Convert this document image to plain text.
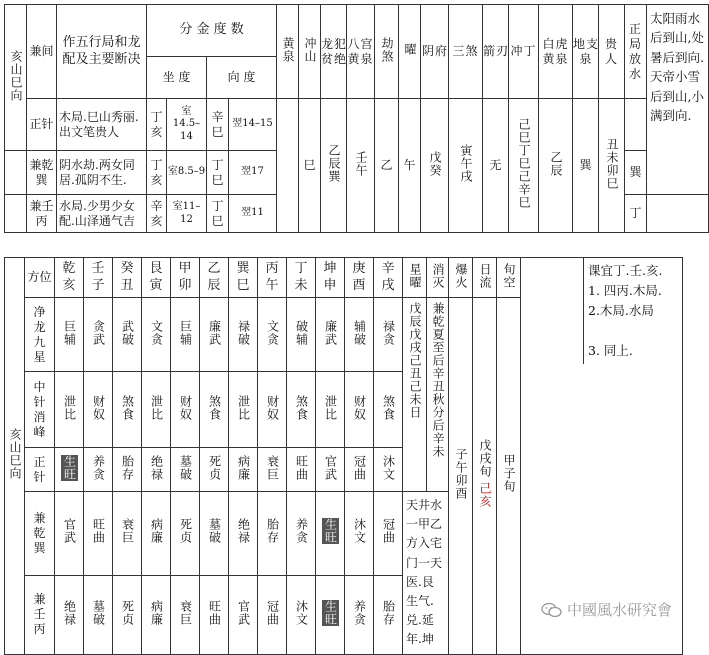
亥山巳向	兼间	作五行局和龙配及主要断决	分 金 度 数				黄泉	冲山	龙犯贫绝	八宫黄泉	劫煞	曜	阴府	三煞	箭刃	冲丁	白虎黄泉	地支泉	贵人	正局放水	太阳雨水后到山,处暑后到向.天帝小雪后到山,小满到向.
			坐 度		向 度																
	正针	木局.巳山秀丽.出文笔贵人	丁亥	室 14.5–14	辛巳	翌14–15		巳	乙辰巽	壬午	乙	午	戊癸	寅午戌	无	己巳丁巳己辛巳	乙辰	巽	丑未卯巳		
	兼乾巽	阴水劫.两女同居.孤阴不生.	丁亥	室8.5–9	丁巳	翌17														巽	
	兼壬丙	水局.少男少女配.山泽通气吉	辛亥	室11–12	丁巳	翌11														丁	
亥山巳向	方位	乾亥	壬子	癸丑	艮寅	甲卯	乙辰	巽巳	丙午	丁未	坤申	庚酉	辛戌	星曜	消灭	爆火	日流	旬空	课宜丁.壬.亥.
1. 四丙.木局.
2.木局.水局

3. 同上.

	净龙九星	巨辅	贪武	武破	文贪	巨辅	廉武	禄破	文贪	破辅	廉武	辅破	禄贪	戊辰戊戌己丑己未日	兼乾夏至后辛丑秋分后辛未	子午卯酉	戊戌旬己亥	甲子旬	
	中针消峰	泄比	财奴	煞食	泄比	财奴	煞食	泄比	财奴	煞食	泄比	财奴	煞食						
	正针	生旺	养贪	胎存	绝禄	墓破	死贞	病廉	衰巨	旺曲	官武	冠曲	沐文						
	兼乾巽	官武	旺曲	衰巨	病廉	死贞	墓破	绝禄	胎存	养贪	生旺	沐文	冠曲	天井水一甲乙方入宅门一天医.艮生气.兑.延年.坤					
	兼壬丙	绝禄	墓破	死贞	病廉	衰巨	旺曲	官武	冠曲	沐文	生旺	养贪	胎存							中國風水研究會
